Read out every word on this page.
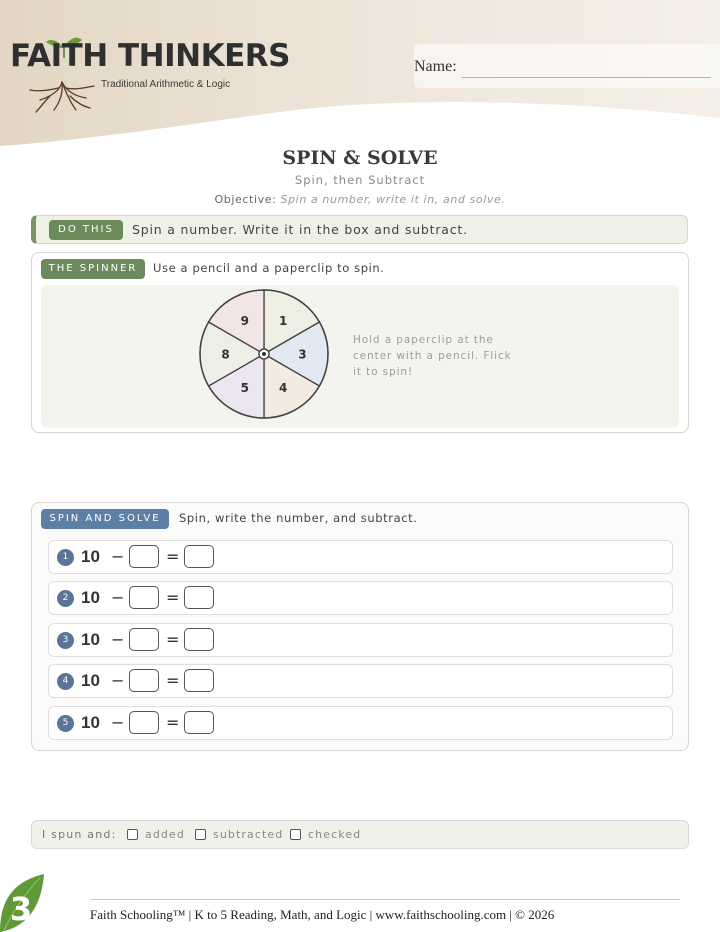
FAITH THINKERS
Traditional Arithmetic & Logic
Name:
SPIN & SOLVE
Spin, then Subtract
Objective: Spin a number, write it in, and solve.
DO THIS	Spin a number. Write it in the box and subtract.
THE SPINNER	Use a pencil and a paperclip to spin.
1
3
4
5
8
9
Hold a paperclip at the center with a pencil. Flick it to spin!
SPIN AND SOLVE	Spin, write the number, and subtract.
1 10 −	=
2 10 −	=
3 10 −	=
4 10 −	=
5 10 −	=
I spun and:	added	subtracted checked
3	Faith Schooling™ | K to 5 Reading, Math, and Logic | www.faithschooling.com | © 2026
